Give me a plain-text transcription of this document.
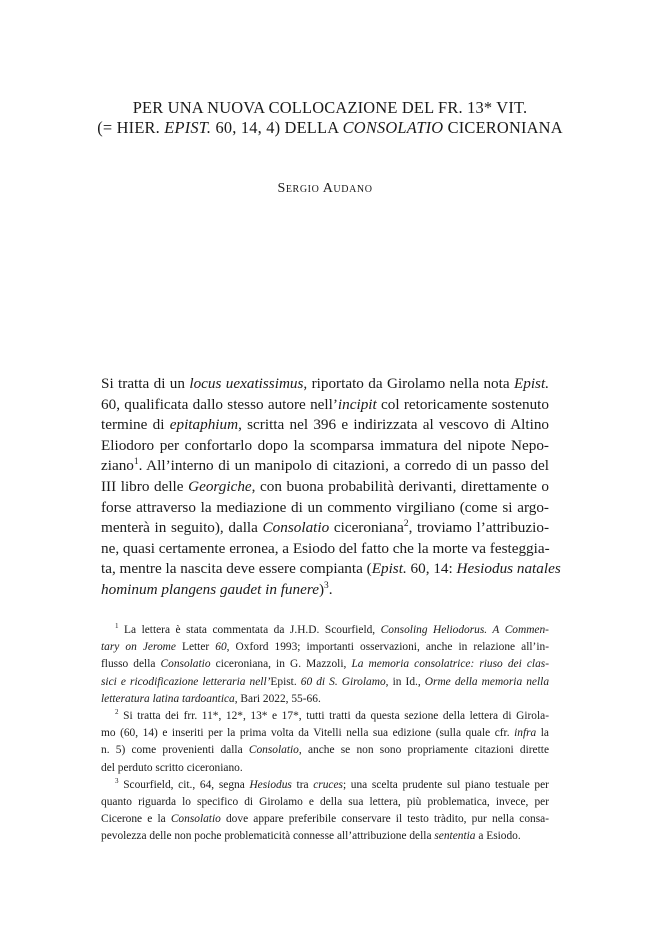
PER UNA NUOVA COLLOCAZIONE DEL FR. 13* VIT.
(= HIER. EPIST. 60, 14, 4) DELLA CONSOLATIO CICERONIANA
Sergio Audano
Si tratta di un locus uexatissimus, riportato da Girolamo nella nota Epist.
60, qualificata dallo stesso autore nell’incipit col retoricamente sostenuto
termine di epitaphium, scritta nel 396 e indirizzata al vescovo di Altino
Eliodoro per confortarlo dopo la scomparsa immatura del nipote Nepo-
ziano$^1$. All’interno di un manipolo di citazioni, a corredo di un passo del
III libro delle Georgiche, con buona probabilità derivanti, direttamente o
forse attraverso la mediazione di un commento virgiliano (come si argo-
menterà in seguito), dalla Consolatio ciceroniana$^2$, troviamo l’attribuzio-
ne, quasi certamente erronea, a Esiodo del fatto che la morte va festeggia-
ta, mentre la nascita deve essere compianta (Epist. 60, 14: Hesiodus natales
hominum plangens gaudet in funere)$^3$.
$^1$ La lettera è stata commentata da J.H.D. Scourfield, Consoling Heliodorus. A Commen-
tary on Jerome Letter 60, Oxford 1993; importanti osservazioni, anche in relazione all’in-
flusso della Consolatio ciceroniana, in G. Mazzoli, La memoria consolatrice: riuso dei clas-
sici e ricodificazione letteraria nell’Epist. 60 di S. Girolamo, in Id., Orme della memoria nella
letteratura latina tardoantica, Bari 2022, 55-66.
$^2$ Si tratta dei frr. 11*, 12*, 13* e 17*, tutti tratti da questa sezione della lettera di Girola-
mo (60, 14) e inseriti per la prima volta da Vitelli nella sua edizione (sulla quale cfr. infra la
n. 5) come provenienti dalla Consolatio, anche se non sono propriamente citazioni dirette
del perduto scritto ciceroniano.
$^3$ Scourfield, cit., 64, segna Hesiodus tra cruces; una scelta prudente sul piano testuale per
quanto riguarda lo specifico di Girolamo e della sua lettera, più problematica, invece, per
Cicerone e la Consolatio dove appare preferibile conservare il testo tràdito, pur nella consa-
pevolezza delle non poche problematicità connesse all’attribuzione della sententia a Esiodo.
